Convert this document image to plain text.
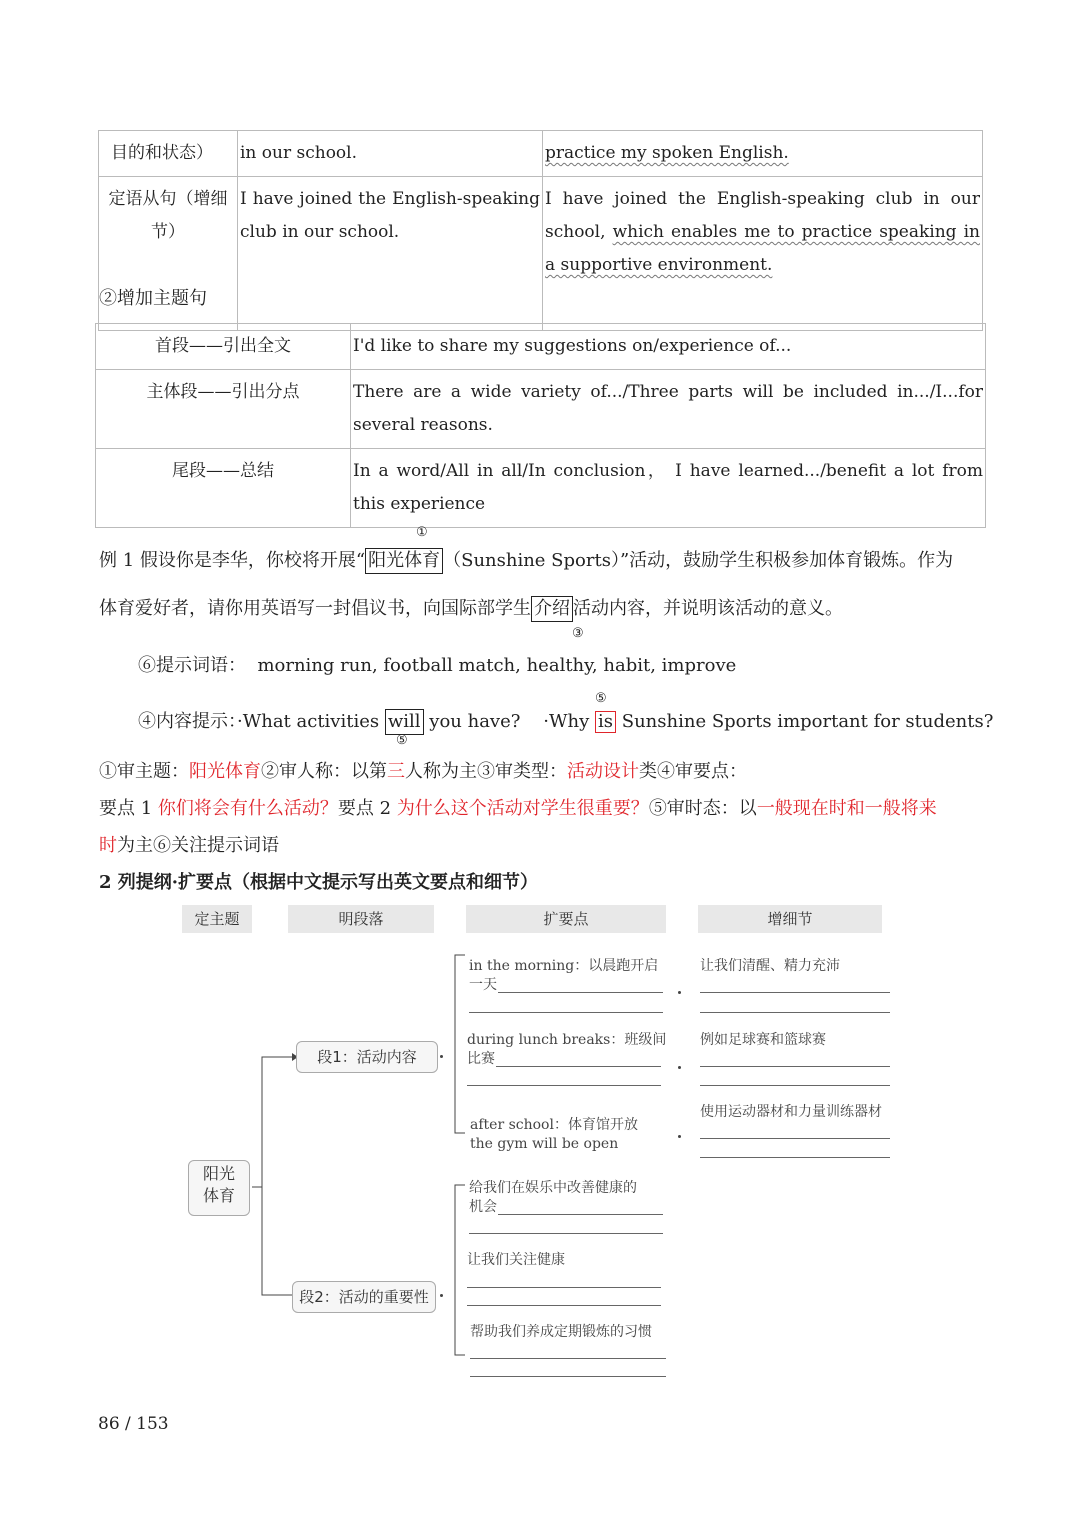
目的和状态）	in our school.	practice my spoken English.
定语从句（增细节）	I have joined the English-speaking club in our school.	I have joined the English-speaking club in our school, which enables me to practice speaking in a supportive environment.
②增加主题句
首段——引出全文	I'd like to share my suggestions on/experience of...
主体段——引出分点	There are a wide variety of.../Three parts will be included in.../I...for several reasons.
尾段——总结	In a word/All in all/In conclusion， I have learned.../benefit a lot from this experience
①
例 1 假设你是李华，你校将开展“ 阳光体育 （Sunshine Sports）”活动，鼓励学生积极参加体育锻炼。作为
体育爱好者，请你用英语写一封倡议书，向国际部学生 介绍 活动内容，并说明该活动的意义。
③
⑥提示词语： morning run, football match, healthy, habit, improve
⑤
④内容提示：·What activities will you have? ·Why is Sunshine Sports important for students?
⑤
①审主题：阳光体育②审人称：以第三人称为主③审类型：活动设计类④审要点：
要点 1 你们将会有什么活动？要点 2 为什么这个活动对学生很重要？⑤审时态：以一般现在时和一般将来
时为主⑥关注提示词语
2 列提纲·扩要点（根据中文提示写出英文要点和细节）
定主题	明段落	扩要点	增细节
阳光
体育
段1：活动内容
段2：活动的重要性
in the morning：以晨跑开启
一天
during lunch breaks：班级间
比赛
after school：体育馆开放
the gym will be open
给我们在娱乐中改善健康的
机会
让我们关注健康
帮助我们养成定期锻炼的习惯
让我们清醒、精力充沛
例如足球赛和篮球赛
使用运动器材和力量训练器材
86 / 153
